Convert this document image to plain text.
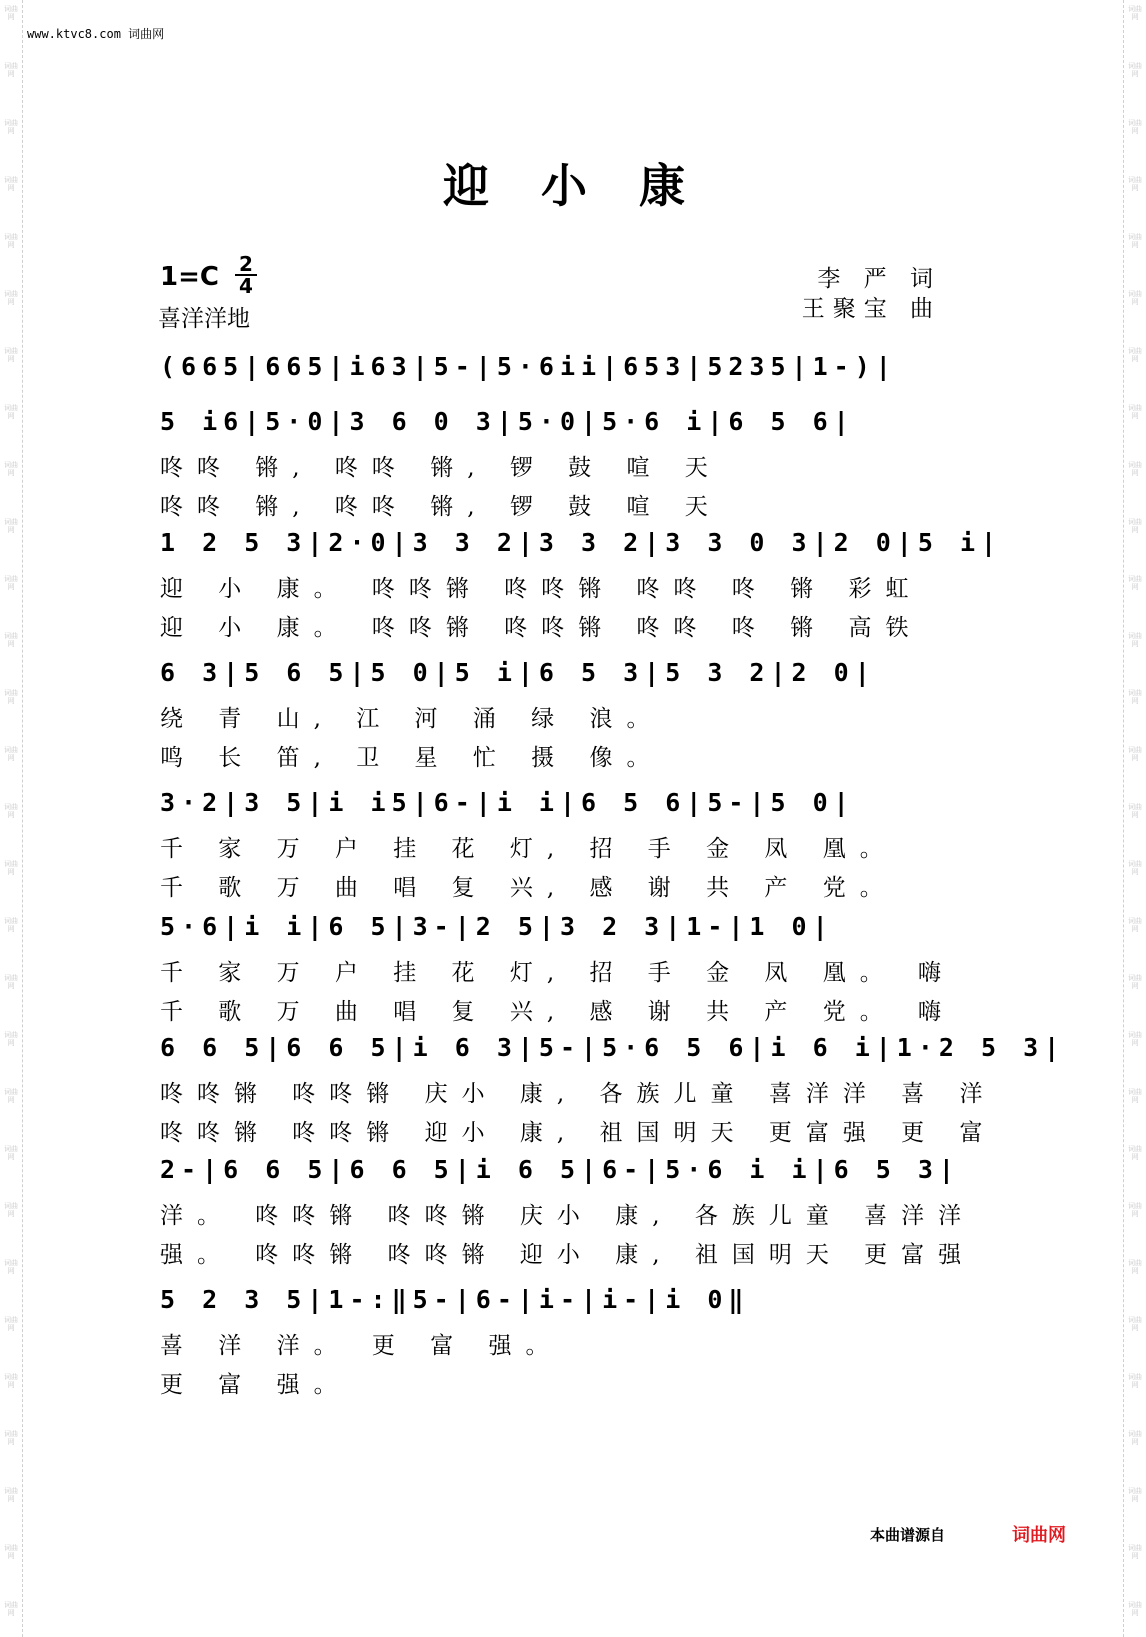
词曲网
词曲网
词曲网
词曲网
词曲网
词曲网
词曲网
词曲网
词曲网
词曲网
词曲网
词曲网
词曲网
词曲网
词曲网
词曲网
词曲网
词曲网
词曲网
词曲网
词曲网
词曲网
词曲网
词曲网
词曲网
词曲网
词曲网
词曲网
词曲网
词曲网
词曲网
词曲网
词曲网
词曲网
词曲网
词曲网
词曲网
词曲网
词曲网
词曲网
词曲网
词曲网
词曲网
词曲网
词曲网
词曲网
词曲网
词曲网
词曲网
词曲网
词曲网
词曲网
词曲网
词曲网
词曲网
词曲网
词曲网
词曲网
www.ktvc8.com 词曲网
迎 小 康
1=C 2
4
喜洋洋地
李 严 词
王聚宝 曲
(665|665|i63|5-|5·6ii|653|5235|1-)|
5 i6|5·0|3 6 0 3|5·0|5·6 i|6 5 6|
咚咚 锵, 咚咚 锵, 锣 鼓 喧 天
咚咚 锵, 咚咚 锵, 锣 鼓 喧 天
1 2 5 3|2·0|3 3 2|3 3 2|3 3 0 3|2 0|5 i|
迎 小 康。 咚咚锵 咚咚锵 咚咚 咚 锵 彩虹
迎 小 康。 咚咚锵 咚咚锵 咚咚 咚 锵 高铁
6 3|5 6 5|5 0|5 i|6 5 3|5 3 2|2 0|
绕 青 山, 江 河 涌 绿 浪。
鸣 长 笛, 卫 星 忙 摄 像。
3·2|3 5|i i5|6-|i i|6 5 6|5-|5 0|
千 家 万 户 挂 花 灯, 招 手 金 凤 凰。
千 歌 万 曲 唱 复 兴, 感 谢 共 产 党。
5·6|i i|6 5|3-|2 5|3 2 3|1-|1 0|
千 家 万 户 挂 花 灯, 招 手 金 凤 凰。 嗨
千 歌 万 曲 唱 复 兴, 感 谢 共 产 党。 嗨
6 6 5|6 6 5|i 6 3|5-|5·6 5 6|i 6 i|1·2 5 3|
咚咚锵 咚咚锵 庆小 康, 各族儿童 喜洋洋 喜 洋
咚咚锵 咚咚锵 迎小 康, 祖国明天 更富强 更 富
2-|6 6 5|6 6 5|i 6 5|6-|5·6 i i|6 5 3|
洋。 咚咚锵 咚咚锵 庆小 康, 各族儿童 喜洋洋
强。 咚咚锵 咚咚锵 迎小 康, 祖国明天 更富强
5 2 3 5|1-:‖5-|6-|i-|i-|i 0‖
喜 洋 洋。 更 富 强。
更 富 强。
本曲谱源自	词曲网
